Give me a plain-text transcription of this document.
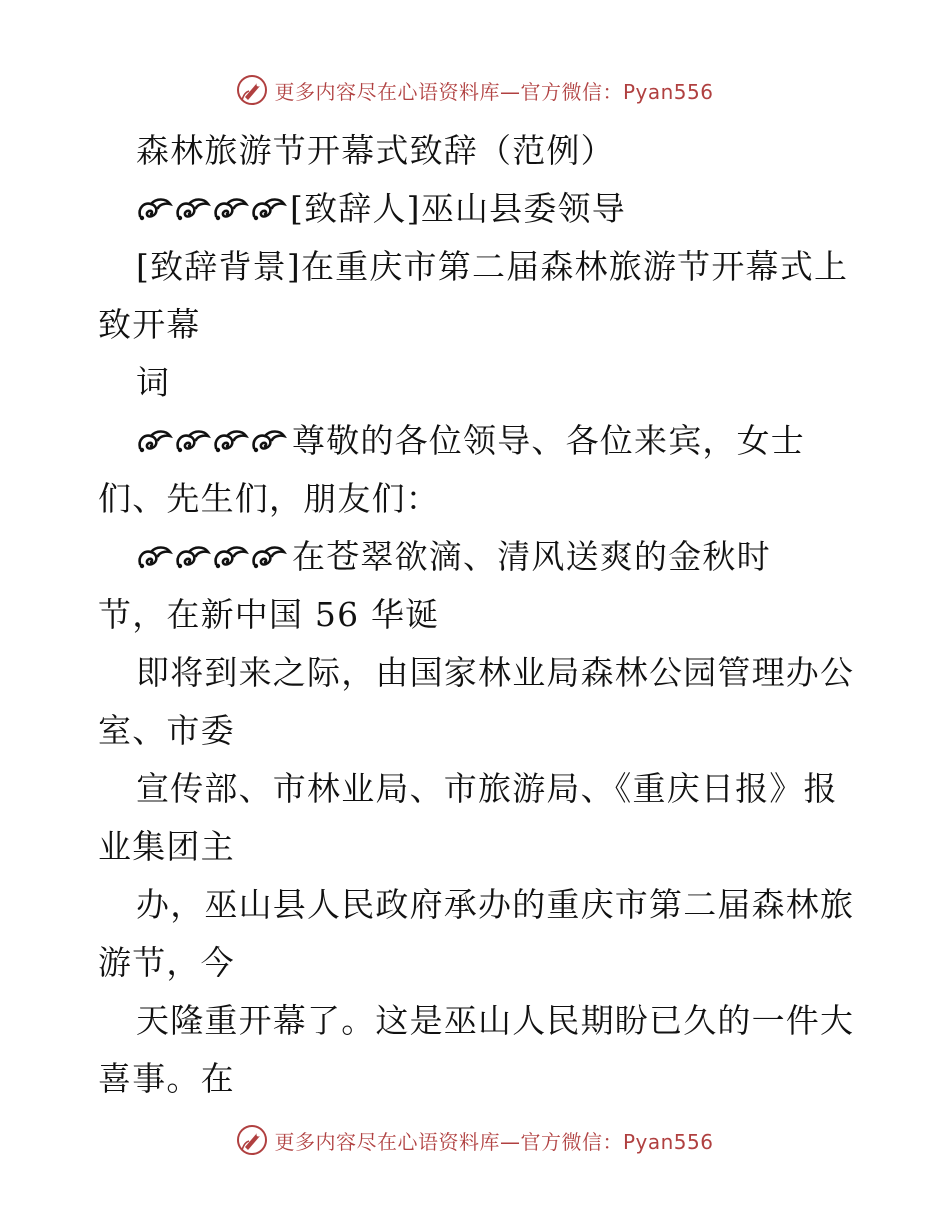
更多内容尽在心语资料库—官方微信：Pyan556
森林旅游节开幕式致辞（范例）
[致辞人]巫山县委领导
[致辞背景]在重庆市第二届森林旅游节开幕式上
致开幕
词
尊敬的各位领导、各位来宾，女士
们、先生们，朋友们：
在苍翠欲滴、清风送爽的金秋时
节，在新中国 56 华诞
即将到来之际，由国家林业局森林公园管理办公
室、市委
宣传部、市林业局、市旅游局、《重庆日报》报
业集团主
办，巫山县人民政府承办的重庆市第二届森林旅
游节，今
天隆重开幕了。这是巫山人民期盼已久的一件大
喜事。在
更多内容尽在心语资料库—官方微信：Pyan556
